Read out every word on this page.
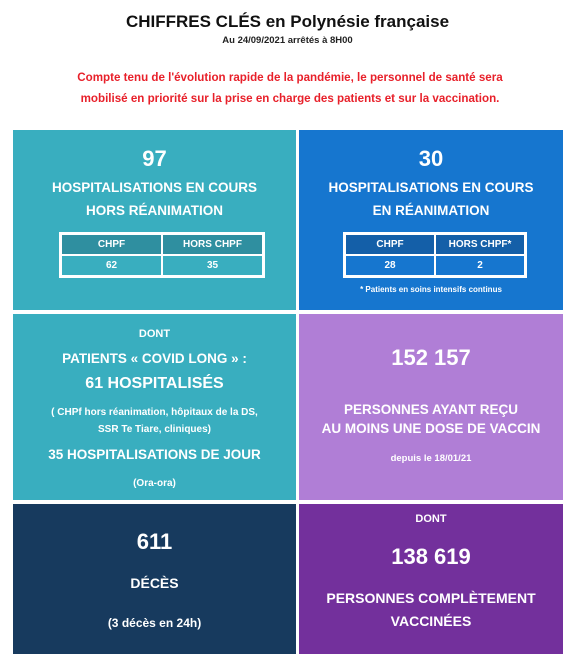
CHIFFRES CLÉS en Polynésie française
Au 24/09/2021 arrêtés à 8H00
Compte tenu de l'évolution rapide de la pandémie, le personnel de santé sera
mobilisé en priorité sur la prise en charge des patients et sur la vaccination.
97
HOSPITALISATIONS EN COURS
HORS RÉANIMATION
CHPF	HORS CHPF
62	35
30
HOSPITALISATIONS EN COURS
EN RÉANIMATION
CHPF	HORS CHPF*
28	2
* Patients en soins intensifs continus
DONT
PATIENTS « COVID LONG » :
61 HOSPITALISÉS
( CHPf hors réanimation, hôpitaux de la DS,
SSR Te Tiare, cliniques)
35 HOSPITALISATIONS DE JOUR
(Ora-ora)
152 157
PERSONNES AYANT REÇU
AU MOINS UNE DOSE DE VACCIN
depuis le 18/01/21
611
DÉCÈS
(3 décès en 24h)
DONT
138 619
PERSONNES COMPLÈTEMENT
VACCINÉES
